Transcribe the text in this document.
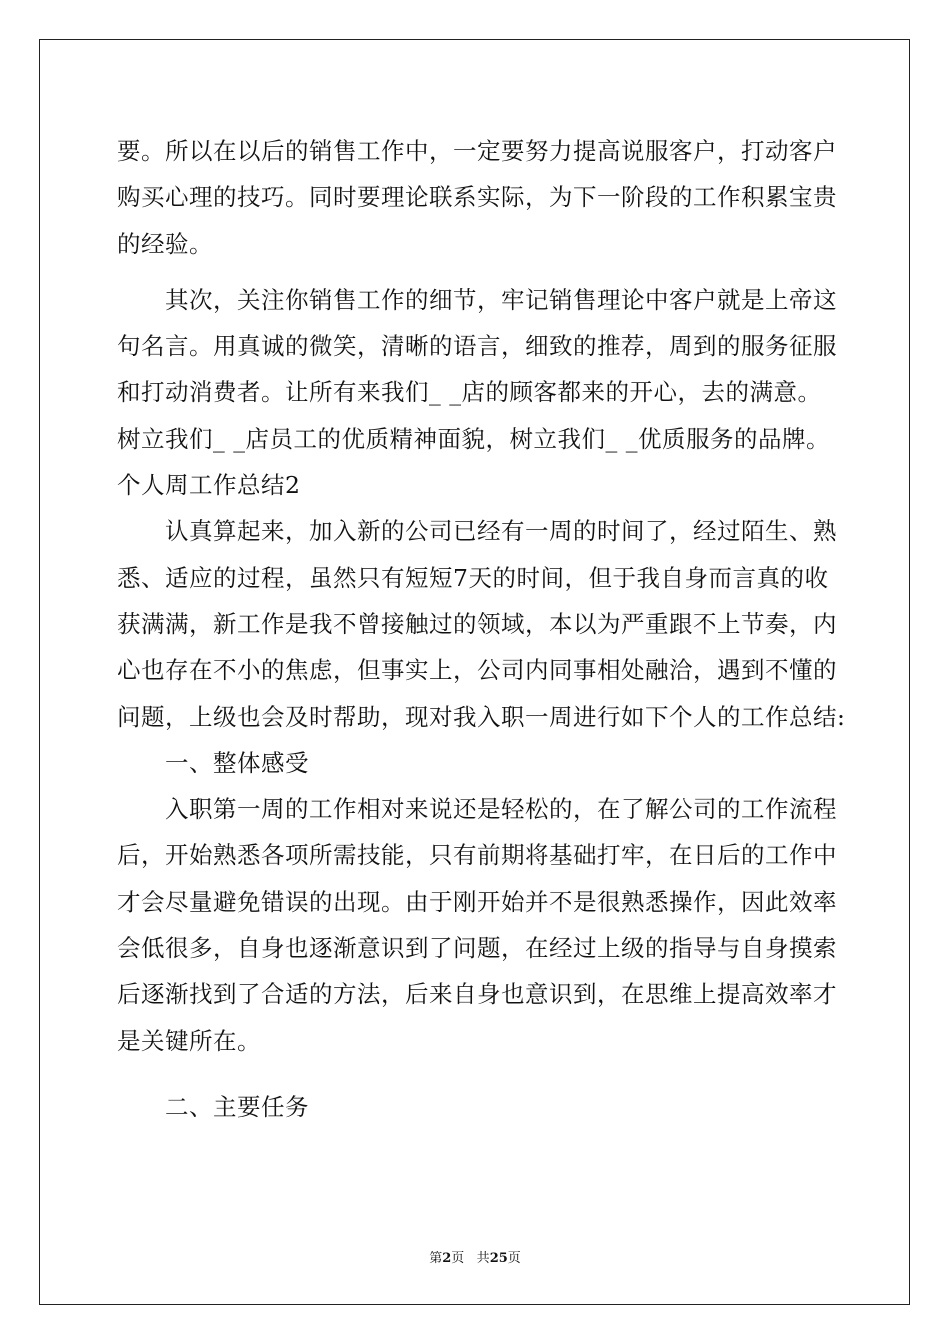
要。所以在以后的销售工作中，一定要努力提高说服客户，打动客户
购买心理的技巧。同时要理论联系实际，为下一阶段的工作积累宝贵
的经验。
　　其次，关注你销售工作的细节，牢记销售理论中客户就是上帝这
句名言。用真诚的微笑，清晰的语言，细致的推荐，周到的服务征服
和打动消费者。让所有来我们_ _店的顾客都来的开心，去的满意。
树立我们_ _店员工的优质精神面貌，树立我们_ _优质服务的品牌。
个人周工作总结2
　　认真算起来，加入新的公司已经有一周的时间了，经过陌生、熟
悉、适应的过程，虽然只有短短7天的时间，但于我自身而言真的收
获满满，新工作是我不曾接触过的领域，本以为严重跟不上节奏，内
心也存在不小的焦虑，但事实上，公司内同事相处融洽，遇到不懂的
问题，上级也会及时帮助，现对我入职一周进行如下个人的工作总结:
　　一、整体感受
　　入职第一周的工作相对来说还是轻松的，在了解公司的工作流程
后，开始熟悉各项所需技能，只有前期将基础打牢，在日后的工作中
才会尽量避免错误的出现。由于刚开始并不是很熟悉操作，因此效率
会低很多，自身也逐渐意识到了问题，在经过上级的指导与自身摸索
后逐渐找到了合适的方法，后来自身也意识到，在思维上提高效率才
是关键所在。
　　二、主要任务
第2页 共25页
